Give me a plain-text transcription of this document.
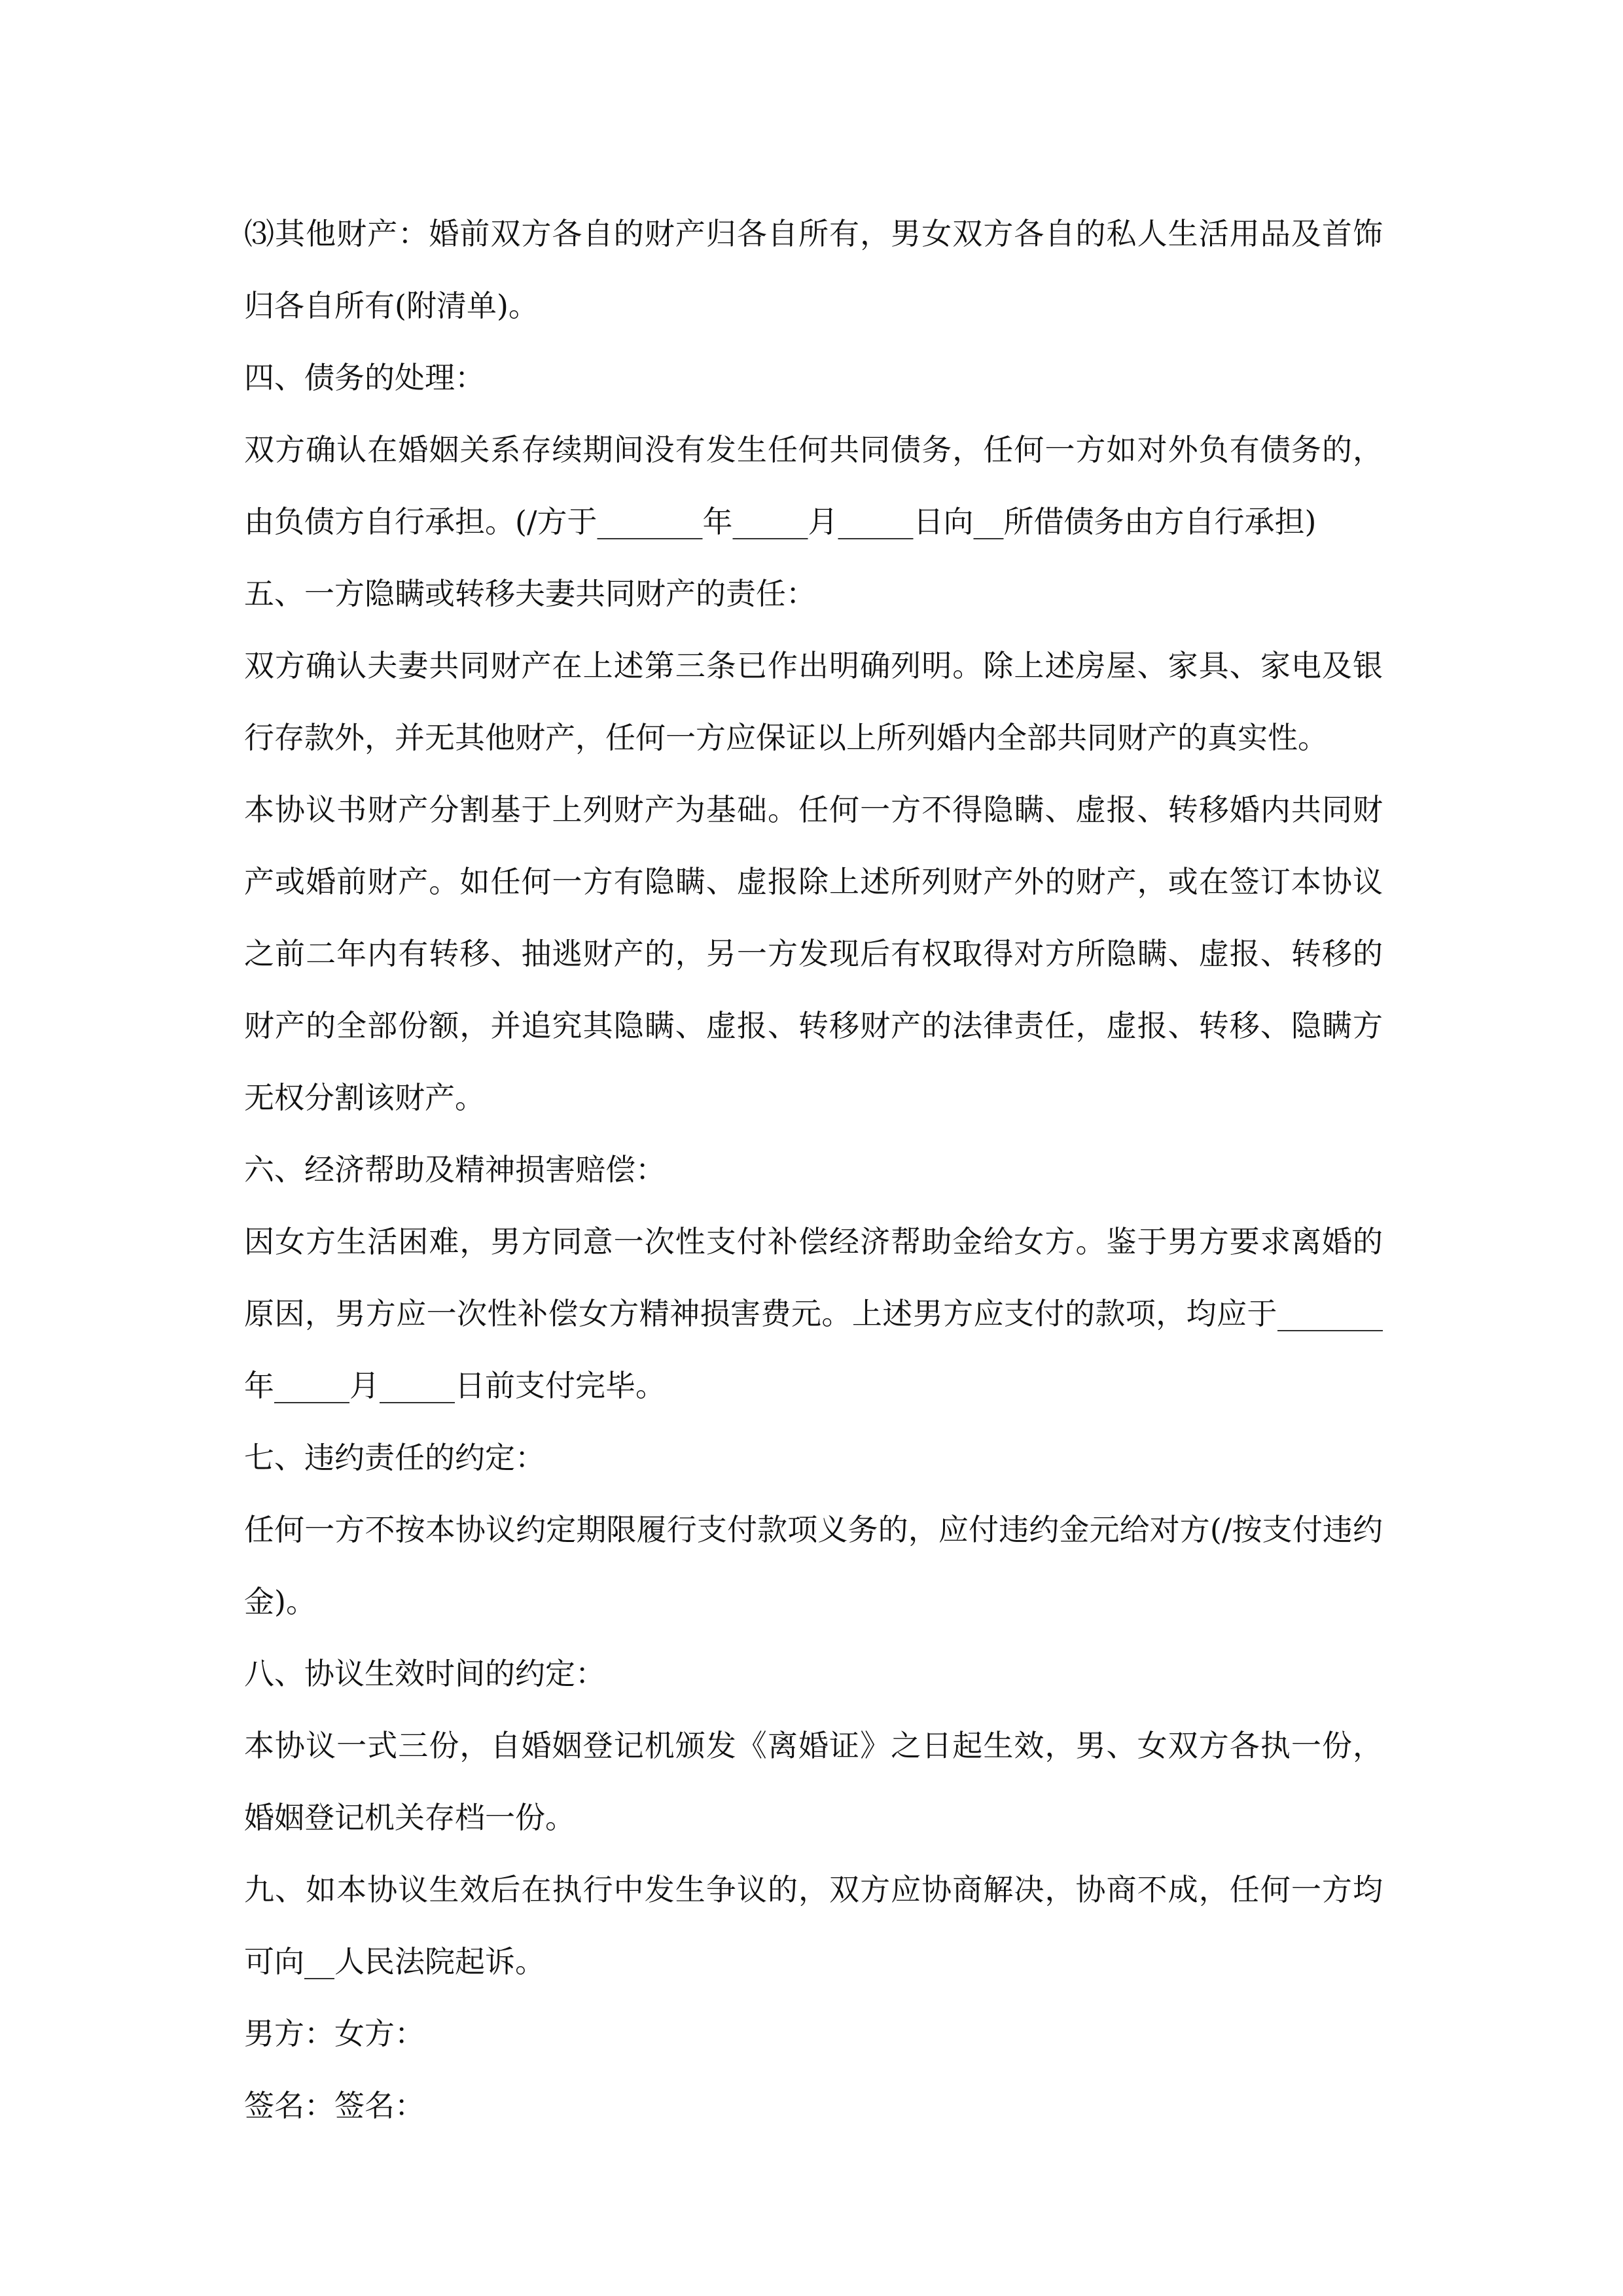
⑶其他财产：婚前双方各自的财产归各自所有，男女双方各自的私人生活用品及首饰归各自所有(附清单)。

四、债务的处理：

双方确认在婚姻关系存续期间没有发生任何共同债务，任何一方如对外负有债务的，由负债方自行承担。(/方于_______年_____月_____日向__所借债务由方自行承担)

五、一方隐瞒或转移夫妻共同财产的责任：

双方确认夫妻共同财产在上述第三条已作出明确列明。除上述房屋、家具、家电及银行存款外，并无其他财产，任何一方应保证以上所列婚内全部共同财产的真实性。

本协议书财产分割基于上列财产为基础。任何一方不得隐瞒、虚报、转移婚内共同财产或婚前财产。如任何一方有隐瞒、虚报除上述所列财产外的财产，或在签订本协议之前二年内有转移、抽逃财产的，另一方发现后有权取得对方所隐瞒、虚报、转移的财产的全部份额，并追究其隐瞒、虚报、转移财产的法律责任，虚报、转移、隐瞒方无权分割该财产。

六、经济帮助及精神损害赔偿：

因女方生活困难，男方同意一次性支付补偿经济帮助金给女方。鉴于男方要求离婚的原因，男方应一次性补偿女方精神损害费元。上述男方应支付的款项，均应于_______年_____月_____日前支付完毕。

七、违约责任的约定：

任何一方不按本协议约定期限履行支付款项义务的，应付违约金元给对方(/按支付违约金)。

八、协议生效时间的约定：

本协议一式三份，自婚姻登记机颁发《离婚证》之日起生效，男、女双方各执一份，婚姻登记机关存档一份。

九、如本协议生效后在执行中发生争议的，双方应协商解决，协商不成，任何一方均可向__人民法院起诉。

男方：女方：

签名：签名：
